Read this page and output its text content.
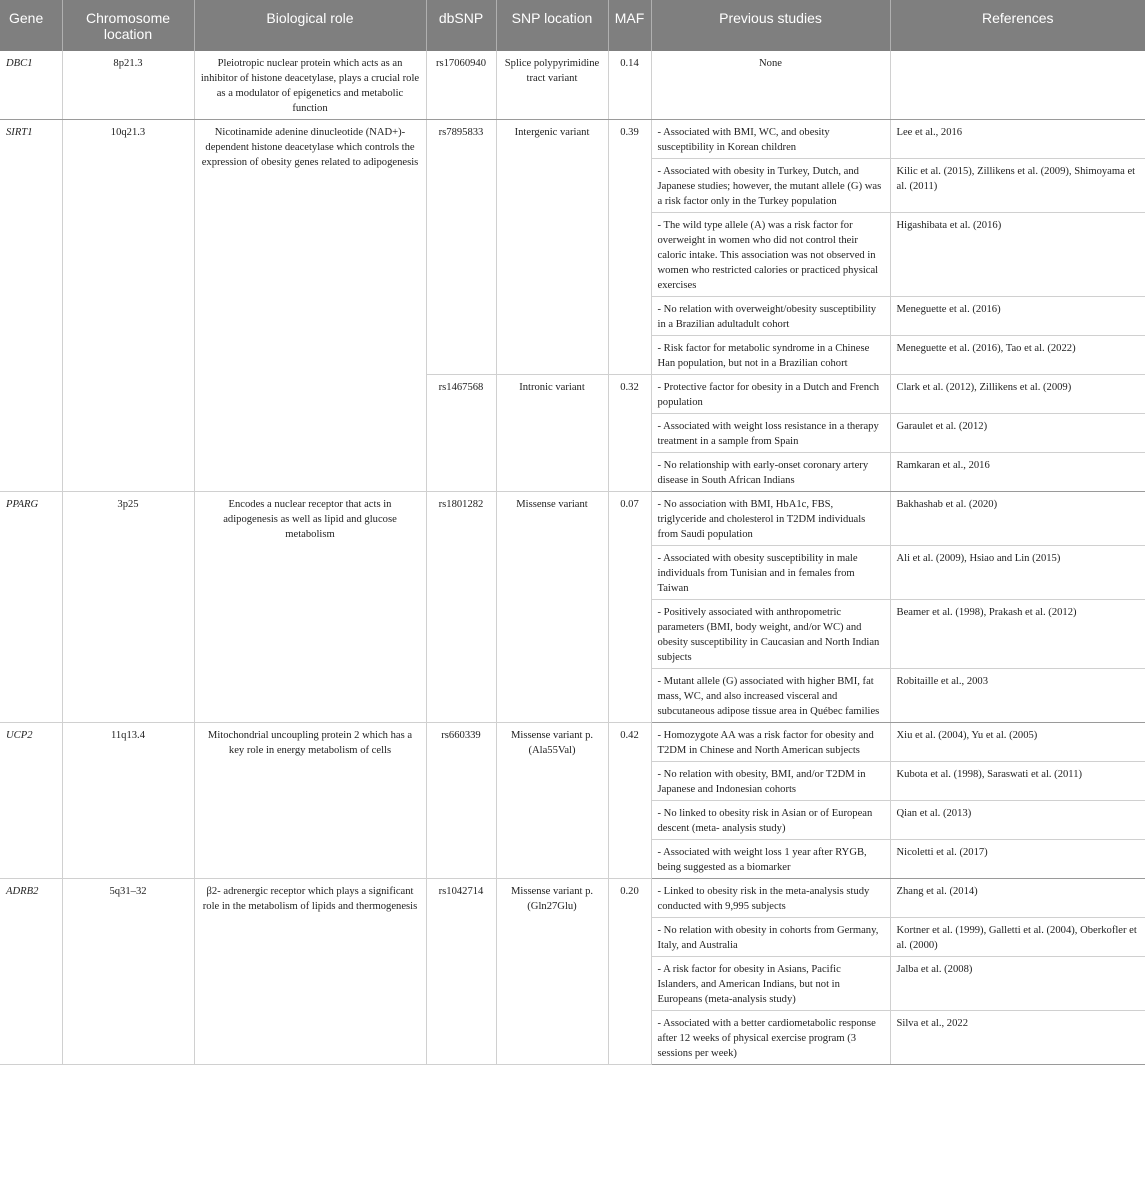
Gene	Chromosome location	Biological role	dbSNP	SNP location	MAF	Previous studies	References
DBC1	8p21.3	Pleiotropic nuclear protein which acts as an inhibitor of histone deacetylase, plays a crucial role as a modulator of epigenetics and metabolic function	rs17060940	Splice polypyrimidine tract variant	0.14	None	
SIRT1	10q21.3	Nicotinamide adenine dinucleotide (NAD+)-dependent histone deacetylase which controls the expression of obesity genes related to adipogenesis	rs7895833	Intergenic variant	0.39	- Associated with BMI, WC, and obesity susceptibility in Korean children	Lee et al., 2016
						- Associated with obesity in Turkey, Dutch, and Japanese studies; however, the mutant allele (G) was a risk factor only in the Turkey population	Kilic et al. (2015), Zillikens et al. (2009), Shimoyama et al. (2011)
						- The wild type allele (A) was a risk factor for overweight in women who did not control their caloric intake. This association was not observed in women who restricted calories or practiced physical exercises	Higashibata et al. (2016)
						- No relation with overweight/obesity susceptibility in a Brazilian adultadult cohort	Meneguette et al. (2016)
						- Risk factor for metabolic syndrome in a Chinese Han population, but not in a Brazilian cohort	Meneguette et al. (2016), Tao et al. (2022)
			rs1467568	Intronic variant	0.32	- Protective factor for obesity in a Dutch and French population	Clark et al. (2012), Zillikens et al. (2009)
						- Associated with weight loss resistance in a therapy treatment in a sample from Spain	Garaulet et al. (2012)
						- No relationship with early-onset coronary artery disease in South African Indians	Ramkaran et al., 2016
PPARG	3p25	Encodes a nuclear receptor that acts in adipogenesis as well as lipid and glucose metabolism	rs1801282	Missense variant	0.07	- No association with BMI, HbA1c, FBS, triglyceride and cholesterol in T2DM individuals from Saudi population	Bakhashab et al. (2020)
						- Associated with obesity susceptibility in male individuals from Tunisian and in females from Taiwan	Ali et al. (2009), Hsiao and Lin (2015)
						- Positively associated with anthropometric parameters (BMI, body weight, and/or WC) and obesity susceptibility in Caucasian and North Indian subjects	Beamer et al. (1998), Prakash et al. (2012)
						- Mutant allele (G) associated with higher BMI, fat mass, WC, and also increased visceral and subcutaneous adipose tissue area in Québec families	Robitaille et al., 2003
UCP2	11q13.4	Mitochondrial uncoupling protein 2 which has a key role in energy metabolism of cells	rs660339	Missense variant p. (Ala55Val)	0.42	- Homozygote AA was a risk factor for obesity and T2DM in Chinese and North American subjects	Xiu et al. (2004), Yu et al. (2005)
						- No relation with obesity, BMI, and/or T2DM in Japanese and Indonesian cohorts	Kubota et al. (1998), Saraswati et al. (2011)
						- No linked to obesity risk in Asian or of European descent (meta- analysis study)	Qian et al. (2013)
						- Associated with weight loss 1 year after RYGB, being suggested as a biomarker	Nicoletti et al. (2017)
ADRB2	5q31–32	β2- adrenergic receptor which plays a significant role in the metabolism of lipids and thermogenesis	rs1042714	Missense variant p. (Gln27Glu)	0.20	- Linked to obesity risk in the meta-analysis study conducted with 9,995 subjects	Zhang et al. (2014)
						- No relation with obesity in cohorts from Germany, Italy, and Australia	Kortner et al. (1999), Galletti et al. (2004), Oberkofler et al. (2000)
						- A risk factor for obesity in Asians, Pacific Islanders, and American Indians, but not in Europeans (meta-analysis study)	Jalba et al. (2008)
						- Associated with a better cardiometabolic response after 12 weeks of physical exercise program (3 sessions per week)	Silva et al., 2022
